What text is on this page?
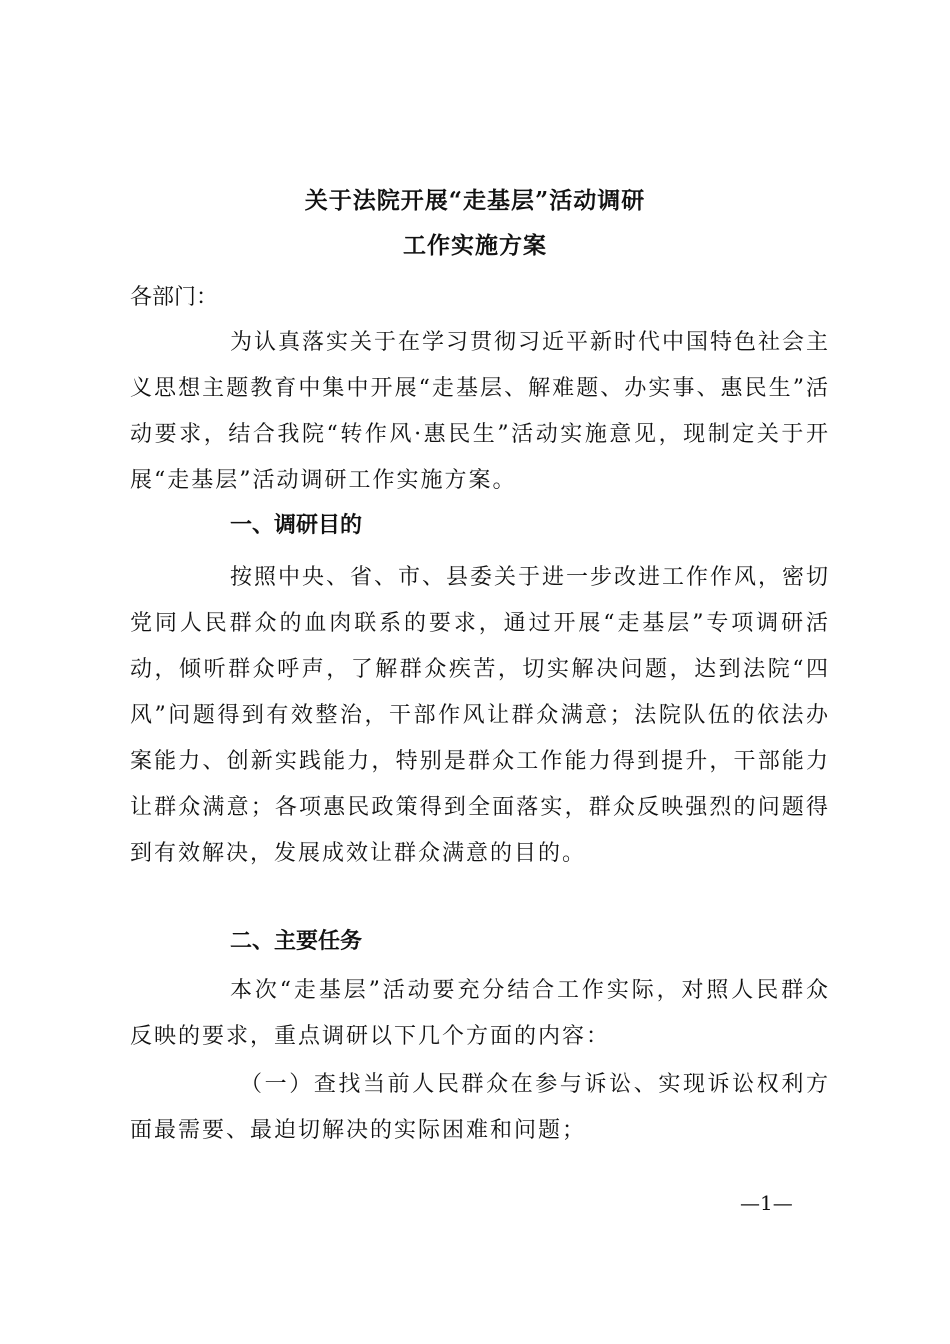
关于法院开展“走基层”活动调研
工作实施方案
各部门：
为认真落实关于在学习贯彻习近平新时代中国特色社会主义思想主题教育中集中开展“走基层、解难题、办实事、惠民生”活动要求，结合我院“转作风·惠民生”活动实施意见，现制定关于开展“走基层”活动调研工作实施方案。
一、调研目的
按照中央、省、市、县委关于进一步改进工作作风，密切党同人民群众的血肉联系的要求，通过开展“走基层”专项调研活动，倾听群众呼声，了解群众疾苦，切实解决问题，达到法院“四风”问题得到有效整治，干部作风让群众满意；法院队伍的依法办案能力、创新实践能力，特别是群众工作能力得到提升，干部能力让群众满意；各项惠民政策得到全面落实，群众反映强烈的问题得到有效解决，发展成效让群众满意的目的。
二、主要任务
本次“走基层”活动要充分结合工作实际，对照人民群众反映的要求，重点调研以下几个方面的内容：
（一）查找当前人民群众在参与诉讼、实现诉讼权利方面最需要、最迫切解决的实际困难和问题；
—1—
